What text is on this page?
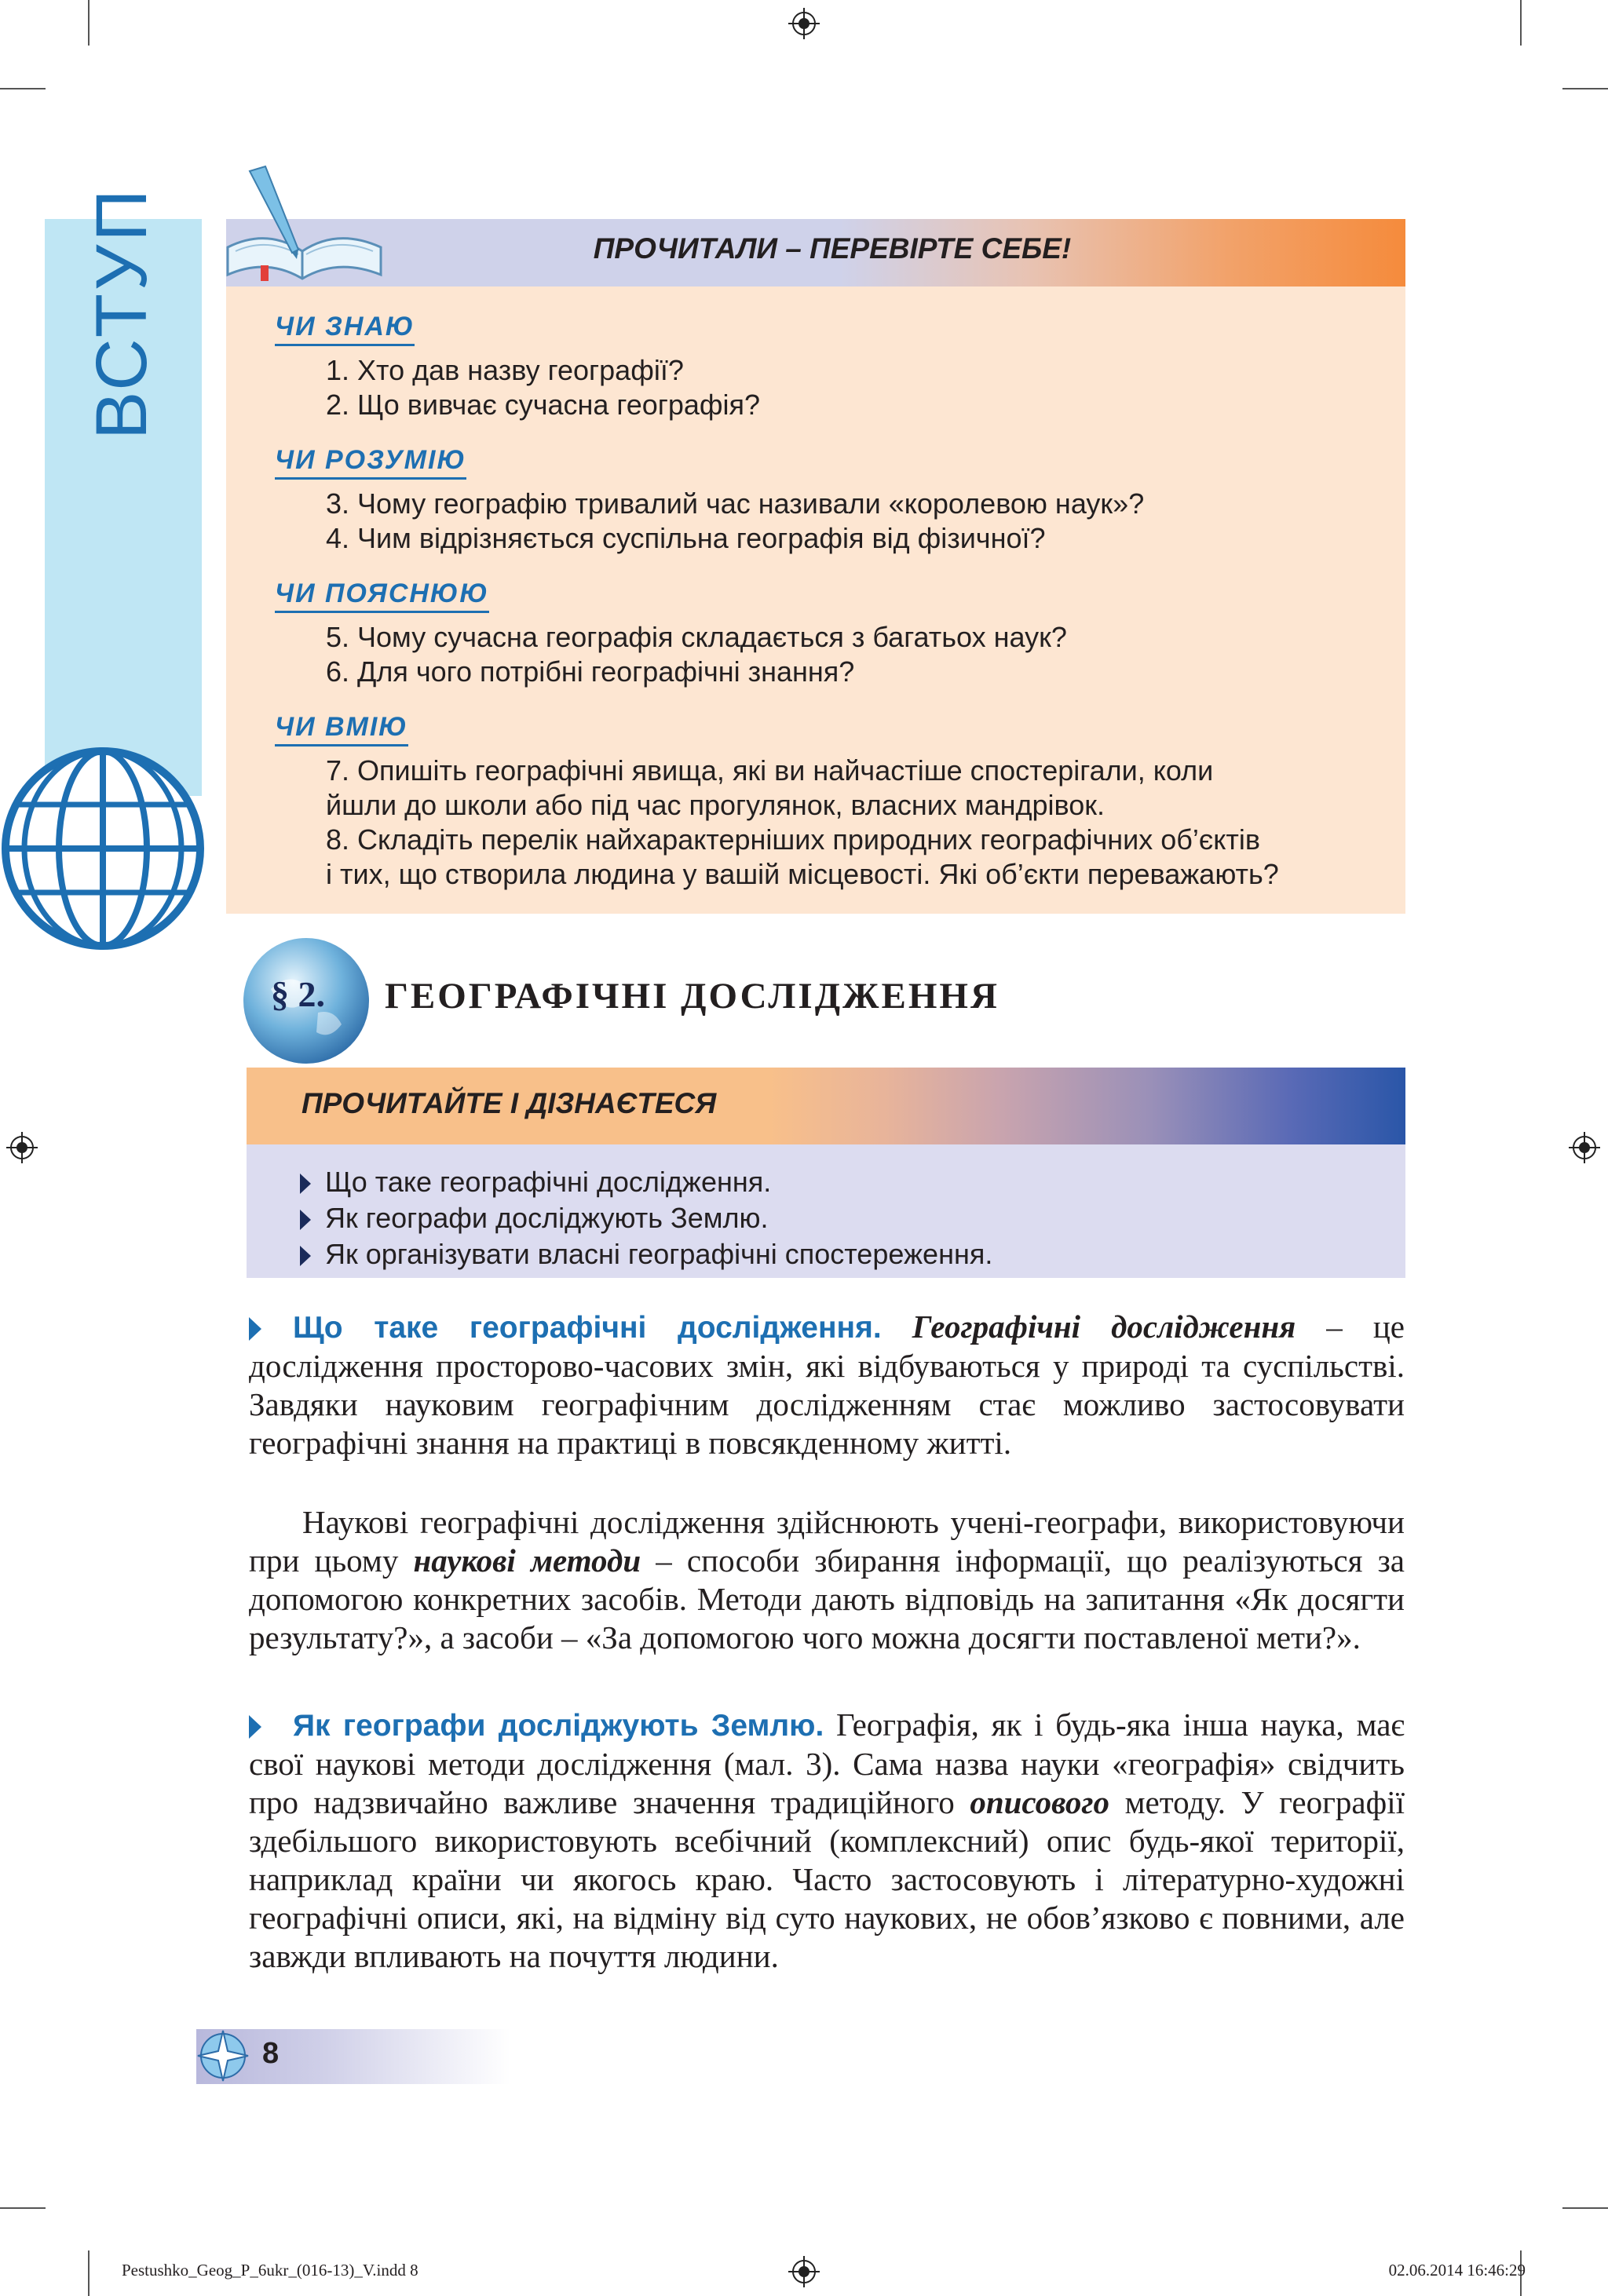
ВСТУП	ПРОЧИТАЛИ – ПЕРЕВІРТЕ СЕБЕ!
ЧИ ЗНАЮ
1. Хто дав назву географії?
2. Що вивчає сучасна географія?
ЧИ РОЗУМІЮ
3. Чому географію тривалий час називали «королевою наук»?
4. Чим відрізняється суспільна географія від фізичної?
ЧИ ПОЯСНЮЮ
5. Чому сучасна географія складається з багатьох наук?
6. Для чого потрібні географічні знання?
ЧИ ВМІЮ
7. Опишіть географічні явища, які ви найчастіше спостерігали, коли
йшли до школи або під час прогулянок, власних мандрівок.
8. Складіть перелік найхарактерніших природних географічних об’єктів
і тих, що створила людина у вашій місцевості. Які об’єкти переважають?
§ 2.	ГЕОГРАФІЧНІ ДОСЛІДЖЕННЯ
ПРОЧИТАЙТЕ І ДІЗНАЄТЕСЯ
Що таке географічні дослідження.
Як географи досліджують Землю.
Як організувати власні географічні спостереження.
Що таке географічні дослідження. Географічні дослідження – це дослідження просторово-часових змін, які відбуваються у природі та суспільстві. Завдяки науковим географічним дослідженням стає можливо застосовувати географічні знання на практиці в повсякденному житті.
Наукові географічні дослідження здійснюють учені-географи, використовуючи при цьому наукові методи – способи збирання інформації, що реалізуються за допомогою конкретних засобів. Методи дають відповідь на запитання «Як досягти результату?», а засоби – «За допомогою чого можна досягти поставленої мети?».
Як географи досліджують Землю. Географія, як і будь-яка інша наука, має свої наукові методи дослідження (мал. 3). Сама назва науки «географія» свідчить про надзвичайно важливе значення традиційного описового методу. У географії здебільшого використовують всебічний (комплексний) опис будь-якої території, наприклад країни чи якогось краю. Часто застосовують і літературно-художні географічні описи, які, на відміну від суто наукових, не обов’язково є повними, але завжди впливають на почуття людини.
8
Pestushko_Geog_P_6ukr_(016-13)_V.indd 8	02.06.2014 16:46:29
